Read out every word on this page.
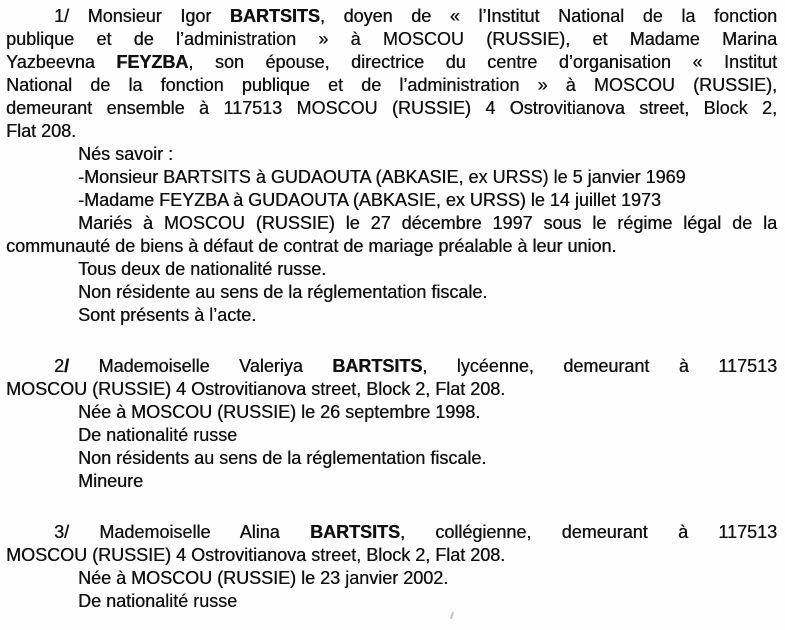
1/ Monsieur Igor BARTSITS, doyen de « l’Institut National de la fonction
publique et de l’administration » à MOSCOU (RUSSIE), et Madame Marina
Yazbeevna FEYZBA, son épouse, directrice du centre d’organisation « Institut
National de la fonction publique et de l’administration » à MOSCOU (RUSSIE),
demeurant ensemble à 117513 MOSCOU (RUSSIE) 4 Ostrovitianova street, Block 2,
Flat 208.
Nés savoir :
-Monsieur BARTSITS à GUDAOUTA (ABKASIE, ex URSS) le 5 janvier 1969
-Madame FEYZBA à GUDAOUTA (ABKASIE, ex URSS) le 14 juillet 1973
Mariés à MOSCOU (RUSSIE) le 27 décembre 1997 sous le régime légal de la
communauté de biens à défaut de contrat de mariage préalable à leur union.
Tous deux de nationalité russe.
Non résidente au sens de la réglementation fiscale.
Sont présents à l’acte.
2/ Mademoiselle Valeriya BARTSITS, lycéenne, demeurant à 117513
MOSCOU (RUSSIE) 4 Ostrovitianova street, Block 2, Flat 208.
Née à MOSCOU (RUSSIE) le 26 septembre 1998.
De nationalité russe
Non résidents au sens de la réglementation fiscale.
Mineure
3/ Mademoiselle Alina BARTSITS, collégienne, demeurant à 117513
MOSCOU (RUSSIE) 4 Ostrovitianova street, Block 2, Flat 208.
Née à MOSCOU (RUSSIE) le 23 janvier 2002.
De nationalité russe
